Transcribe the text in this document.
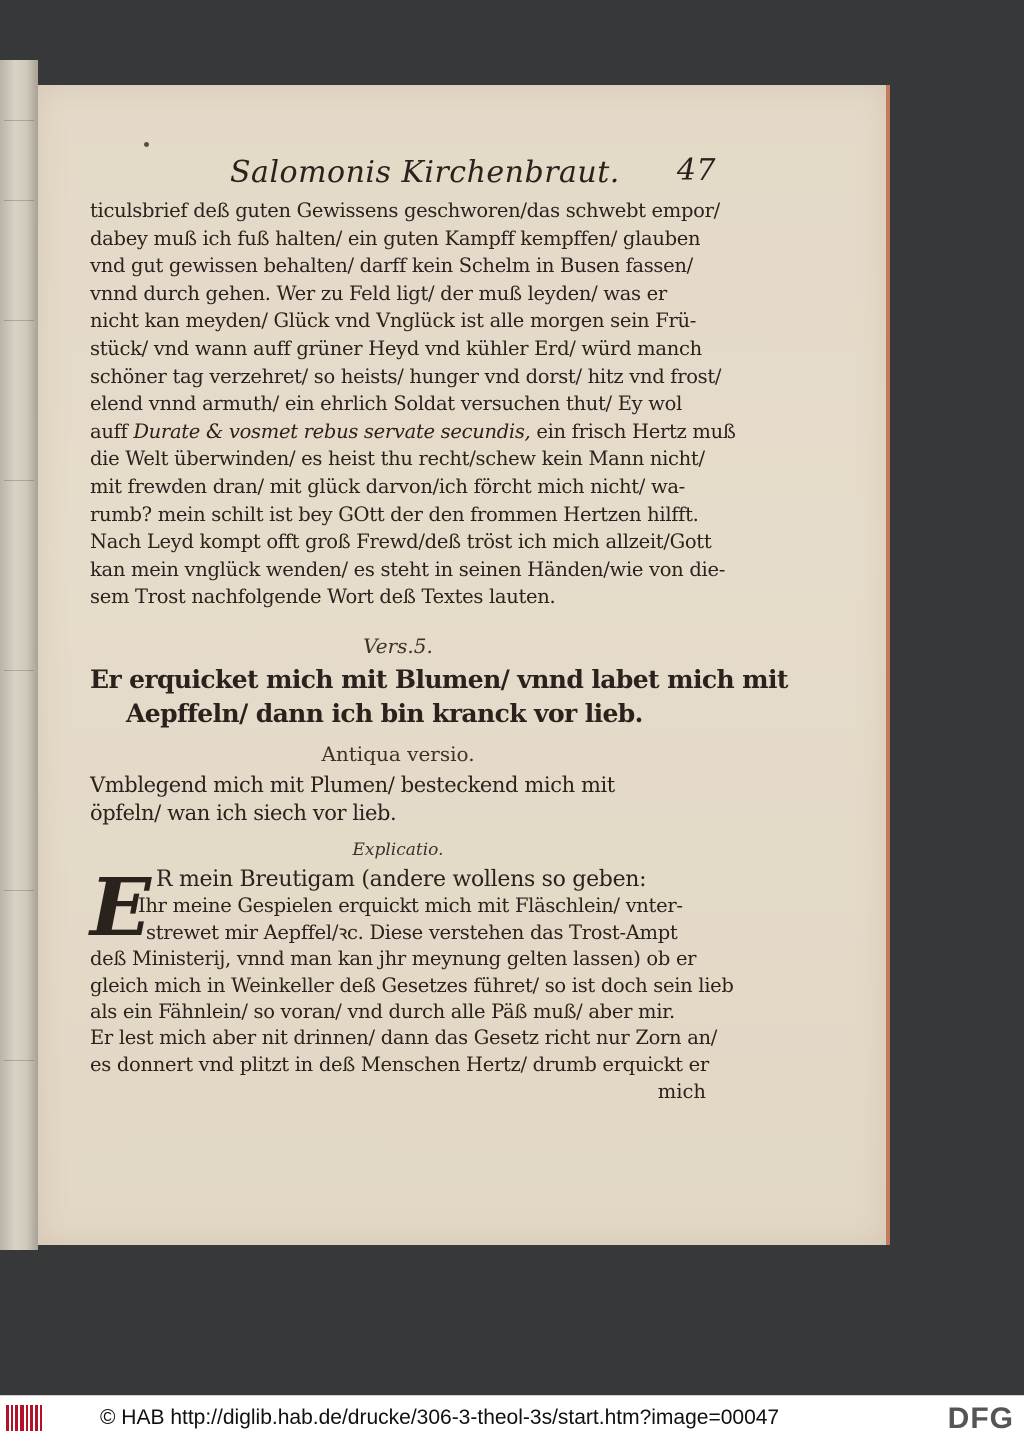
Salomonis Kirchenbraut. 47
ticulsbrief deß guten Gewissens geschworen/das schwebt empor/
dabey muß ich fuß halten/ ein guten Kampff kempffen/ glauben
vnd gut gewissen behalten/ darff kein Schelm in Busen fassen/
vnnd durch gehen. Wer zu Feld ligt/ der muß leyden/ was er
nicht kan meyden/ Glück vnd Vnglück ist alle morgen sein Frü-
stück/ vnd wann auff grüner Heyd vnd kühler Erd/ würd manch
schöner tag verzehret/ so heists/ hunger vnd dorst/ hitz vnd frost/
elend vnnd armuth/ ein ehrlich Soldat versuchen thut/ Ey wol
auff Durate & vosmet rebus servate secundis, ein frisch Hertz muß
die Welt überwinden/ es heist thu recht/schew kein Mann nicht/
mit frewden dran/ mit glück darvon/ich förcht mich nicht/ wa-
rumb? mein schilt ist bey GOtt der den frommen Hertzen hilfft.
Nach Leyd kompt offt groß Frewd/deß tröst ich mich allzeit/Gott
kan mein vnglück wenden/ es steht in seinen Händen/wie von die-
sem Trost nachfolgende Wort deß Textes lauten.
Vers.5.
Er erquicket mich mit Blumen/ vnnd labet mich mit
Aepffeln/ dann ich bin kranck vor lieb.
Antiqua versio.
Vmblegend mich mit Plumen/ besteckend mich mit
öpfeln/ wan ich siech vor lieb.
Explicatio.
E R mein Breutigam (andere wollens so geben:
Ihr meine Gespielen erquickt mich mit Fläschlein/ vnter-
strewet mir Aepffel/ꝛc. Diese verstehen das Trost-Ampt
deß Ministerij, vnnd man kan jhr meynung gelten lassen) ob er
gleich mich in Weinkeller deß Gesetzes führet/ so ist doch sein lieb
als ein Fähnlein/ so voran/ vnd durch alle Päß muß/ aber mir.
Er lest mich aber nit drinnen/ dann das Gesetz richt nur Zorn an/
es donnert vnd plitzt in deß Menschen Hertz/ drumb erquickt er
mich
© HAB http://diglib.hab.de/drucke/306-3-theol-3s/start.htm?image=00047	DFG
